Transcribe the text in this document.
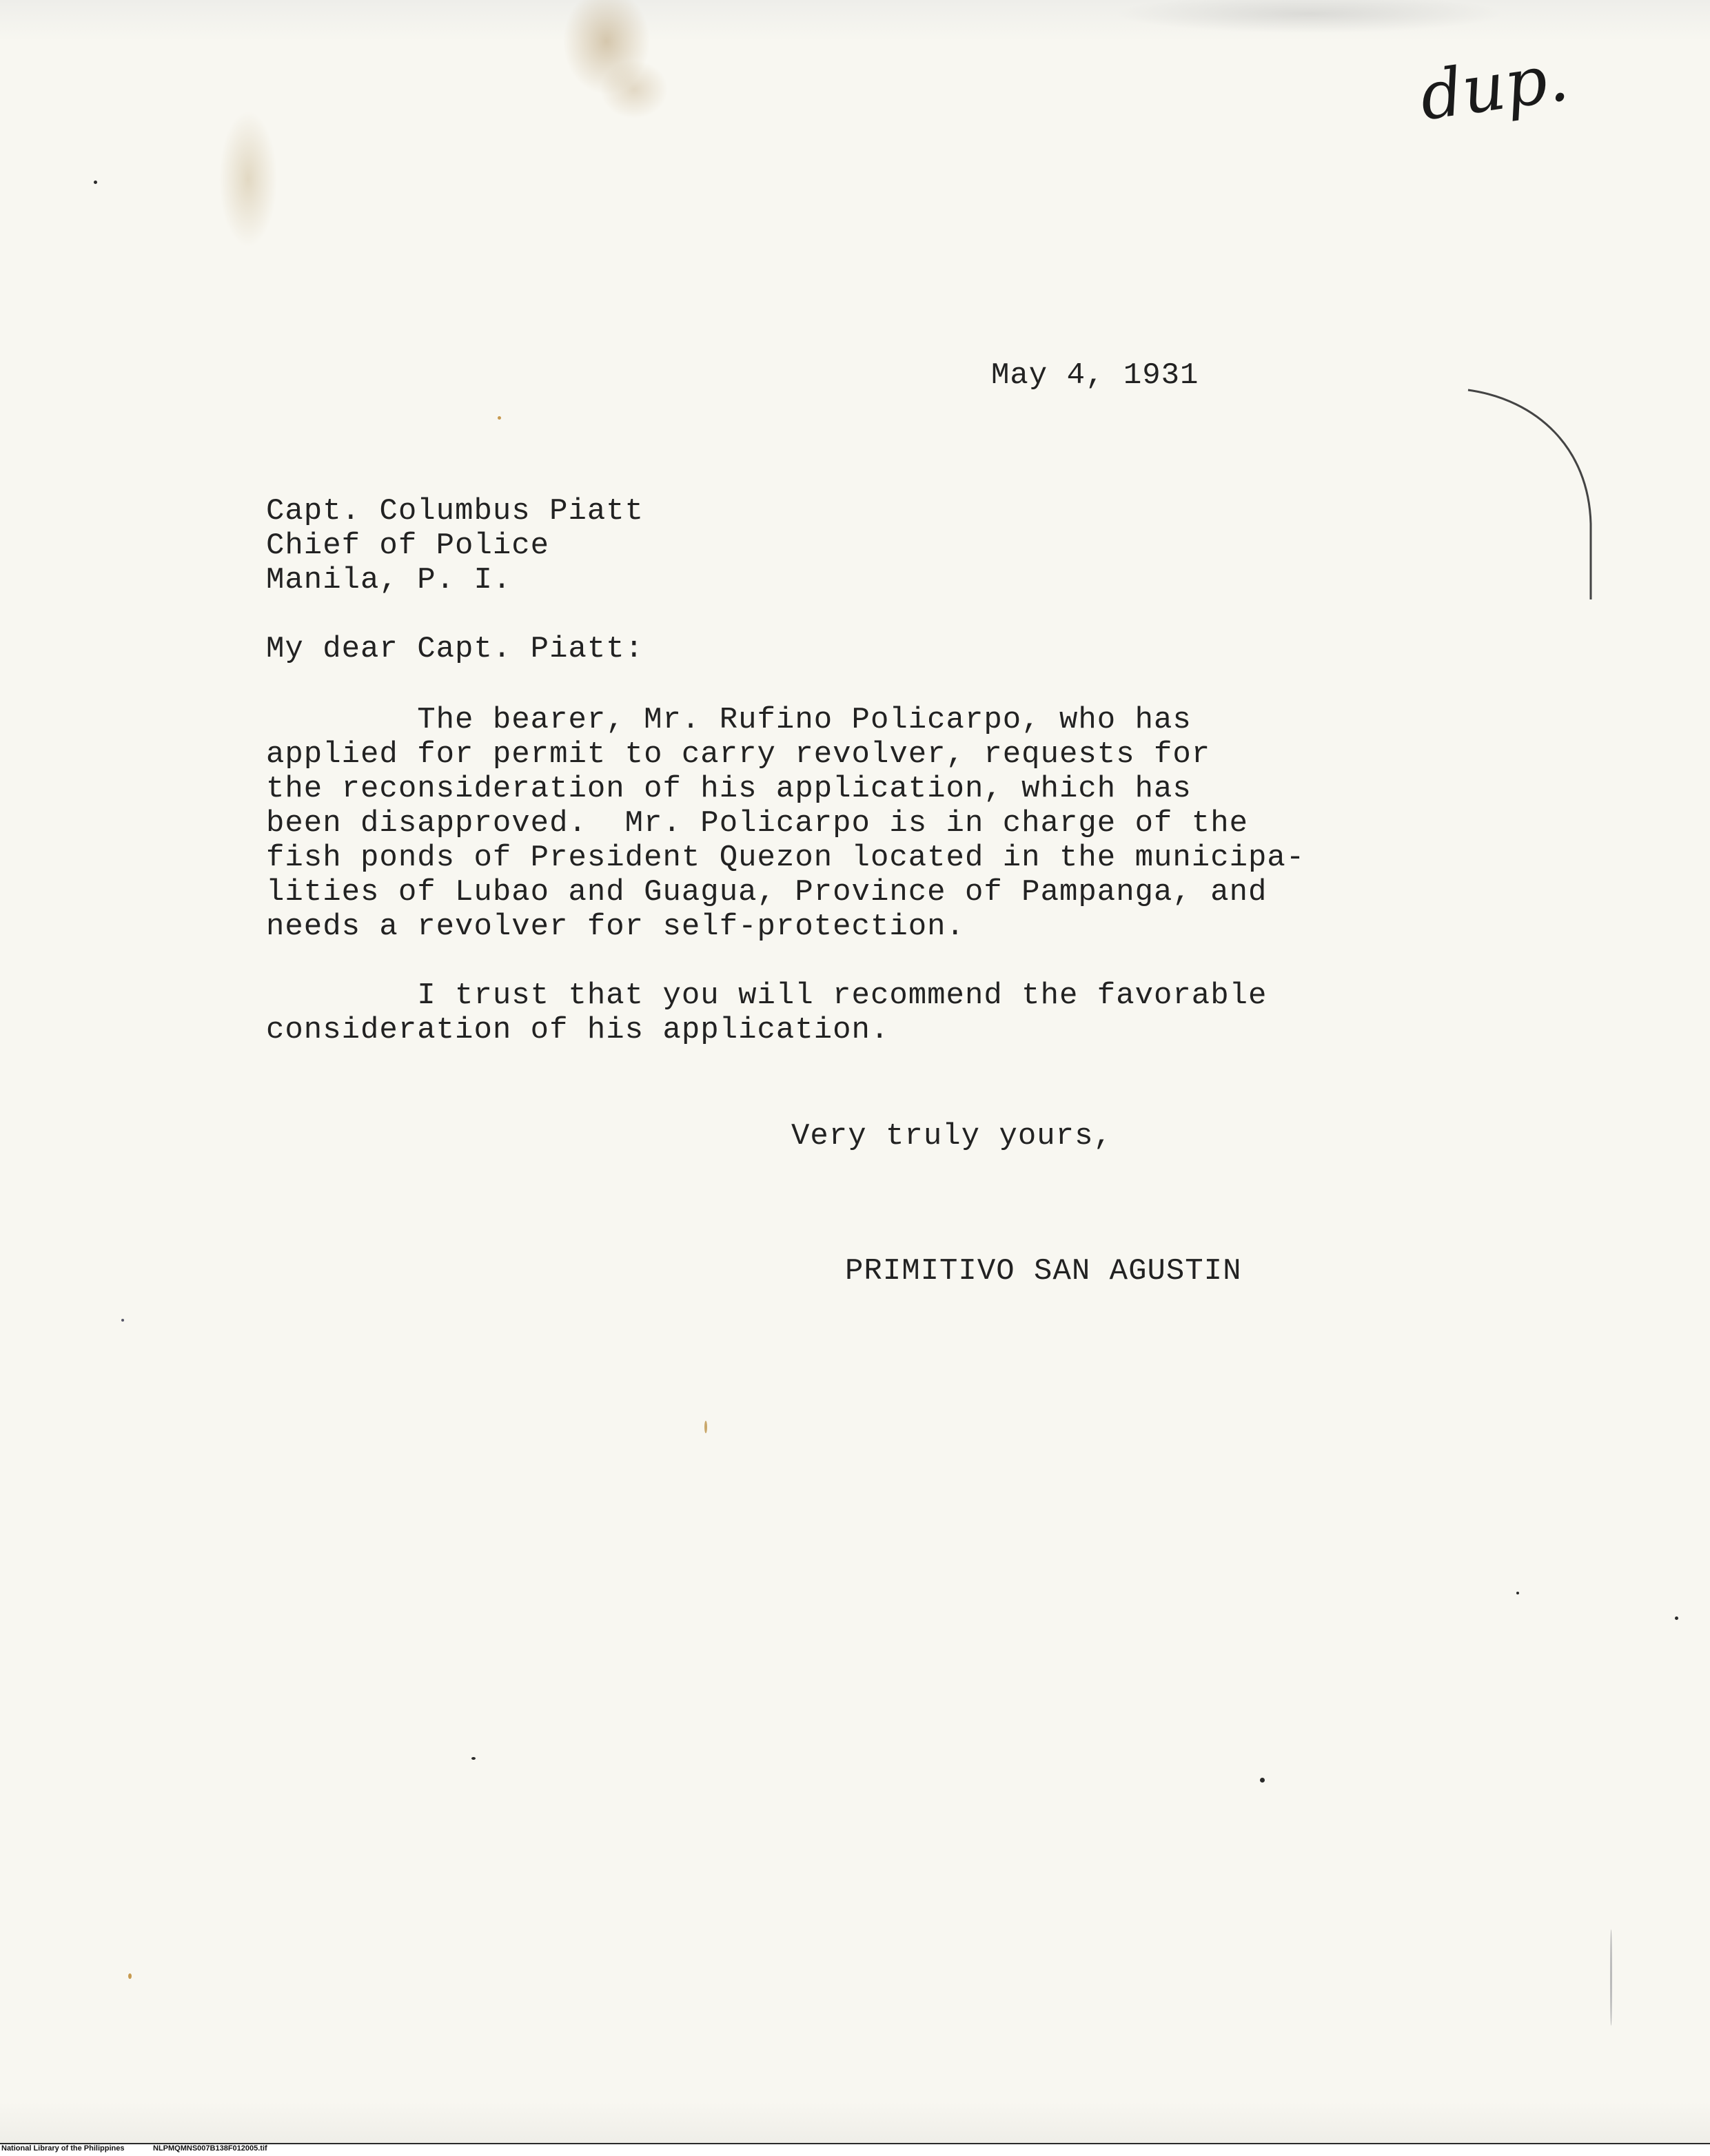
dup.
May 4, 1931
Capt. Columbus Piatt
Chief of Police
Manila, P. I.
My dear Capt. Piatt:
The bearer, Mr. Rufino Policarpo, who has
applied for permit to carry revolver, requests for
the reconsideration of his application, which has
been disapproved.  Mr. Policarpo is in charge of the
fish ponds of President Quezon located in the municipa-
lities of Lubao and Guagua, Province of Pampanga, and
needs a revolver for self-protection.
I trust that you will recommend the favorable
consideration of his application.
Very truly yours,
PRIMITIVO SAN AGUSTIN
National Library of the Philippines	NLPMQMNS007B138F012005.tif
